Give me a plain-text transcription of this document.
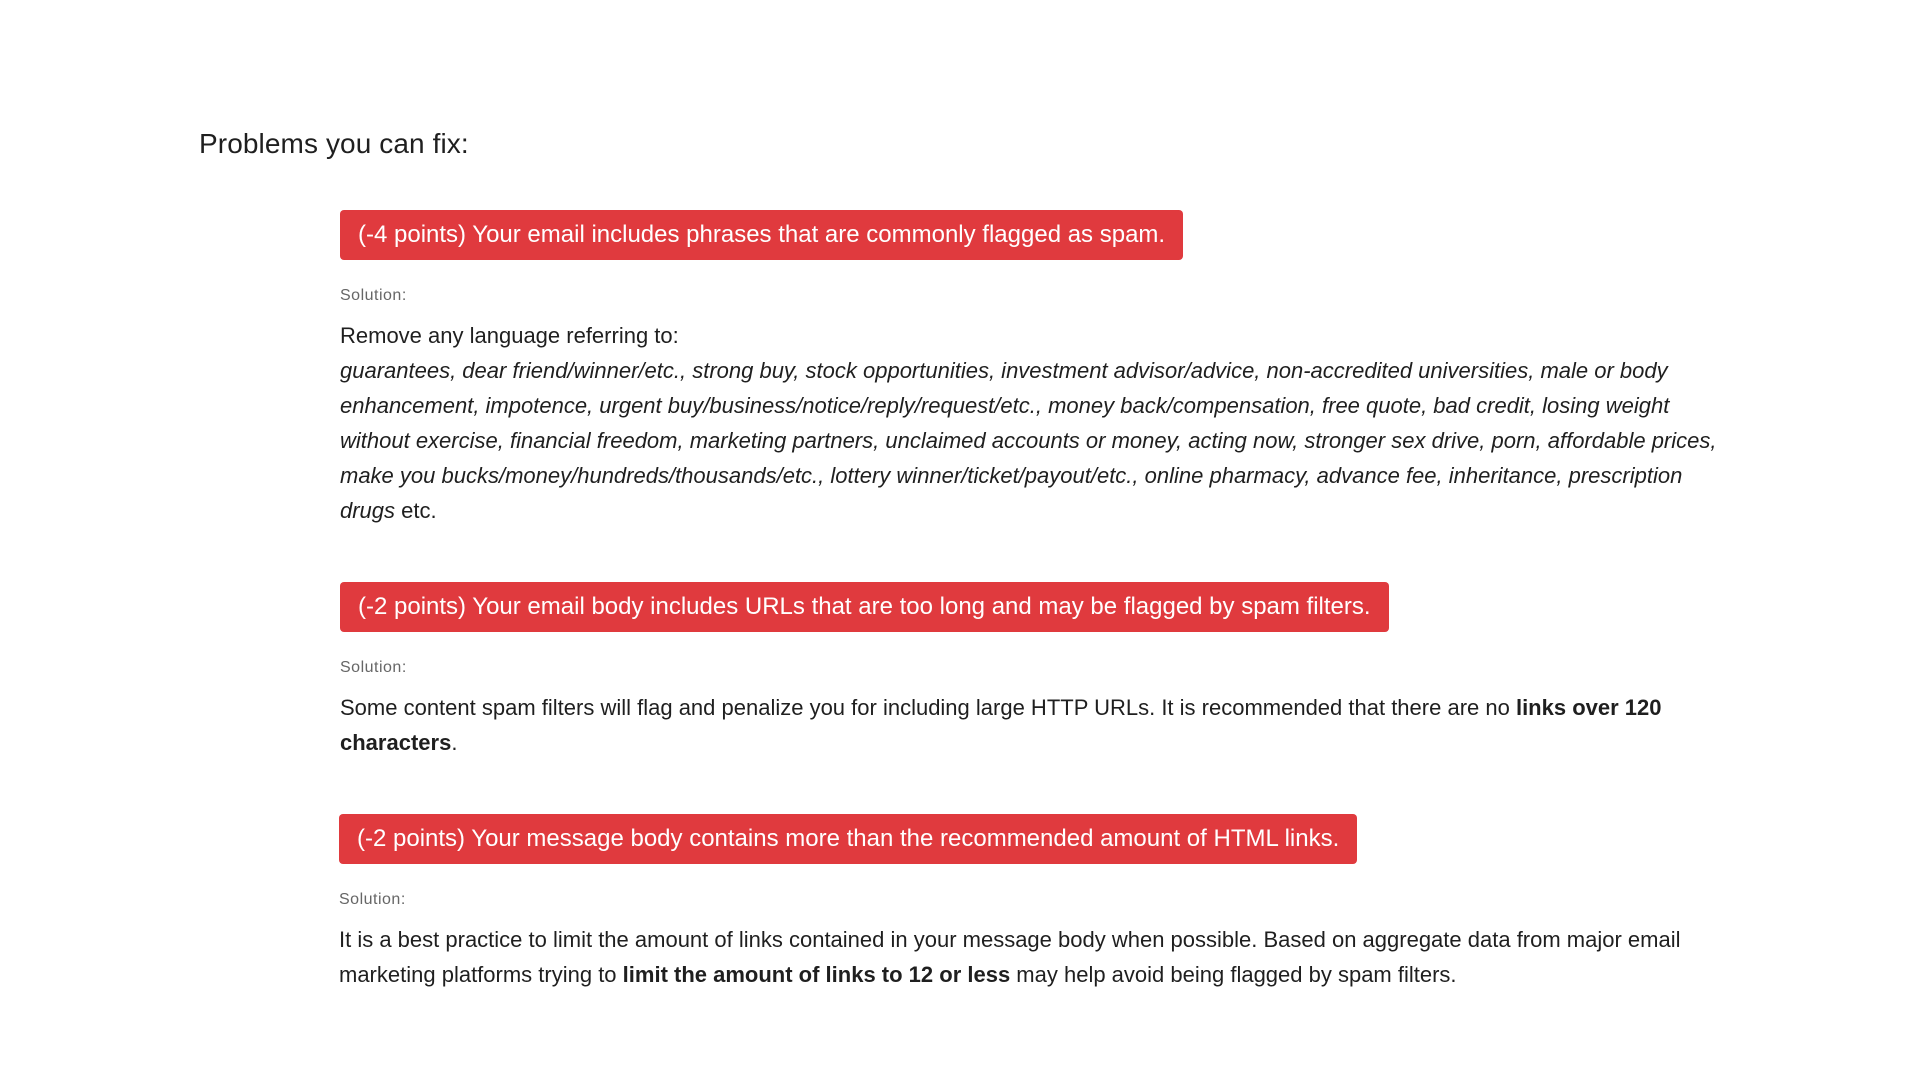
Problems you can fix:
(-4 points) Your email includes phrases that are commonly flagged as spam.
Solution:
Remove any language referring to:
guarantees, dear friend/winner/etc., strong buy, stock opportunities, investment advisor/advice, non-accredited universities, male or body enhancement, impotence, urgent buy/business/notice/reply/request/etc., money back/compensation, free quote, bad credit, losing weight without exercise, financial freedom, marketing partners, unclaimed accounts or money, acting now, stronger sex drive, porn, affordable prices, make you bucks/money/hundreds/thousands/etc., lottery winner/ticket/payout/etc., online pharmacy, advance fee, inheritance, prescription drugs etc.
(-2 points) Your email body includes URLs that are too long and may be flagged by spam filters.
Solution:
Some content spam filters will flag and penalize you for including large HTTP URLs. It is recommended that there are no links over 120 characters.
(-2 points) Your message body contains more than the recommended amount of HTML links.
Solution:
It is a best practice to limit the amount of links contained in your message body when possible. Based on aggregate data from major email marketing platforms trying to limit the amount of links to 12 or less may help avoid being flagged by spam filters.
